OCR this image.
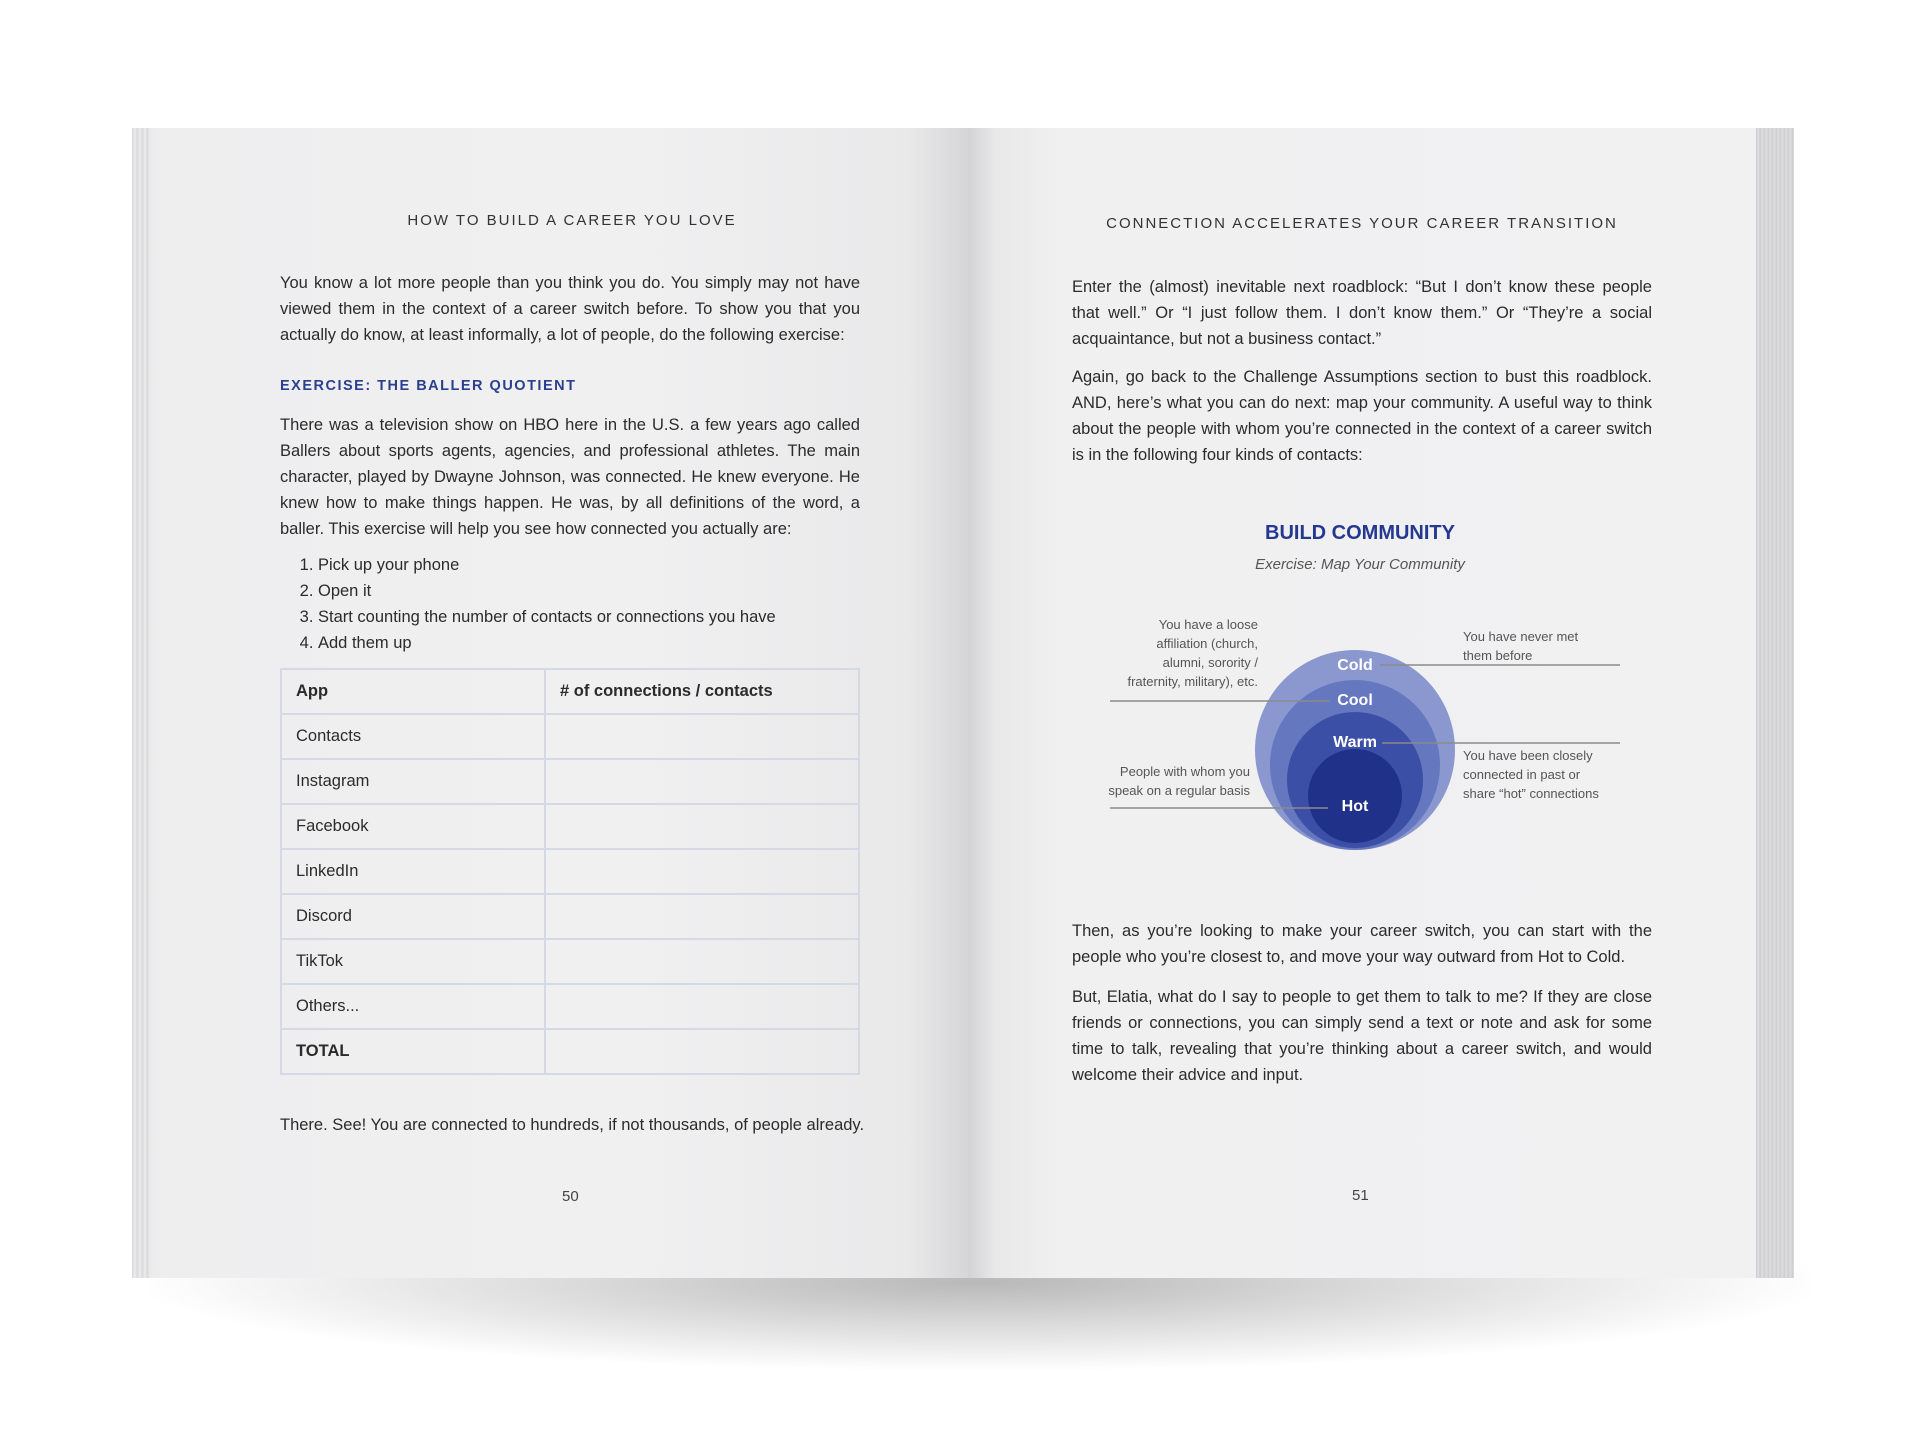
HOW TO BUILD A CAREER YOU LOVE

You know a lot more people than you think you do. You simply may not have viewed them in the context of a career switch before. To show you that you actually do know, at least informally, a lot of people, do the following exercise:

EXERCISE: THE BALLER QUOTIENT

There was a television show on HBO here in the U.S. a few years ago called Ballers about sports agents, agencies, and professional athletes. The main character, played by Dwayne Johnson, was connected. He knew everyone. He knew how to make things happen. He was, by all definitions of the word, a baller. This exercise will help you see how connected you actually are:

1. Pick up your phone
2. Open it
3. Start counting the number of contacts or connections you have
4. Add them up
App	# of connections / contacts
Contacts	
Instagram	
Facebook	
LinkedIn	
Discord	
TikTok	
Others...	
TOTAL	

There. See! You are connected to hundreds, if not thousands, of people already.

50
CONNECTION ACCELERATES YOUR CAREER TRANSITION

Enter the (almost) inevitable next roadblock: “But I don’t know these people that well.” Or “I just follow them. I don’t know them.” Or “They’re a social acquaintance, but not a business contact.”

Again, go back to the Challenge Assumptions section to bust this roadblock. AND, here’s what you can do next: map your community. A useful way to think about the people with whom you’re connected in the context of a career switch is in the following four kinds of contacts:

BUILD COMMUNITY
Exercise: Map Your Community
Cold
Cool
Warm
Hot
You have a loose
affiliation (church,
alumni, sorority /
fraternity, military), etc.
People with whom you
speak on a regular basis
You have never met
them before
You have been closely
connected in past or
share “hot” connections

Then, as you’re looking to make your career switch, you can start with the people who you’re closest to, and move your way outward from Hot to Cold.

But, Elatia, what do I say to people to get them to talk to me? If they are close friends or connections, you can simply send a text or note and ask for some time to talk, revealing that you’re thinking about a career switch, and would welcome their advice and input.

51
